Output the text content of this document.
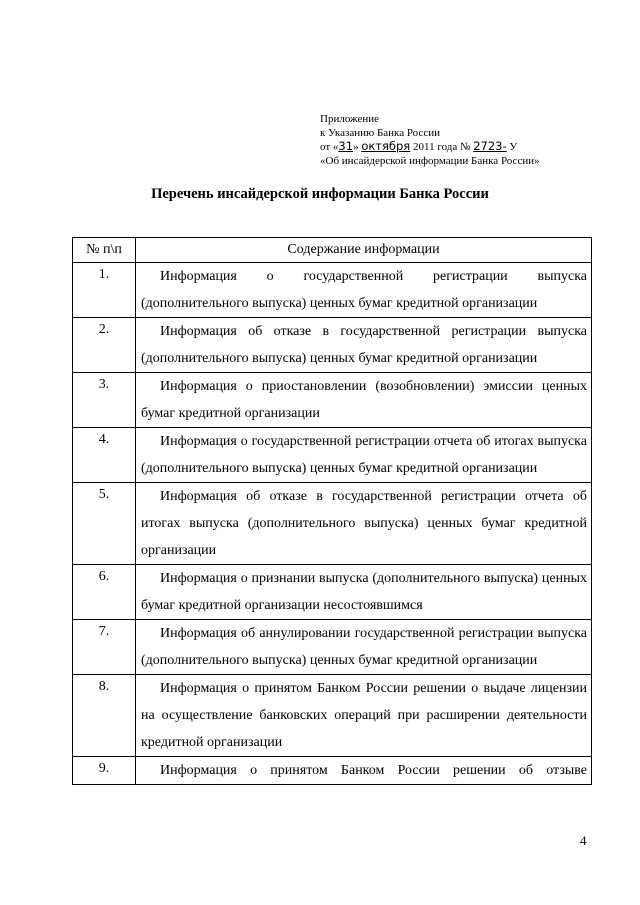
Приложение
к Указанию Банка России
от «31» октября 2011 года № 2723- У
«Об инсайдерской информации Банка России»
Перечень инсайдерской информации Банка России
№ п\п	Содержание информации
1.	Информация о государственной регистрации выпуска (дополнительного выпуска) ценных бумаг кредитной организации
2.	Информация об отказе в государственной регистрации выпуска (дополнительного выпуска) ценных бумаг кредитной организации
3.	Информация о приостановлении (возобновлении) эмиссии ценных бумаг кредитной организации
4.	Информация о государственной регистрации отчета об итогах выпуска (дополнительного выпуска) ценных бумаг кредитной организации
5.	Информация об отказе в государственной регистрации отчета об итогах выпуска (дополнительного выпуска) ценных бумаг кредитной организации
6.	Информация о признании выпуска (дополнительного выпуска) ценных бумаг кредитной организации несостоявшимся
7.	Информация об аннулировании государственной регистрации выпуска (дополнительного выпуска) ценных бумаг кредитной организации
8.	Информация о принятом Банком России решении о выдаче лицензии на осуществление банковских операций при расширении деятельности кредитной организации
9.	Информация о принятом Банком России решении об отзыве
4
